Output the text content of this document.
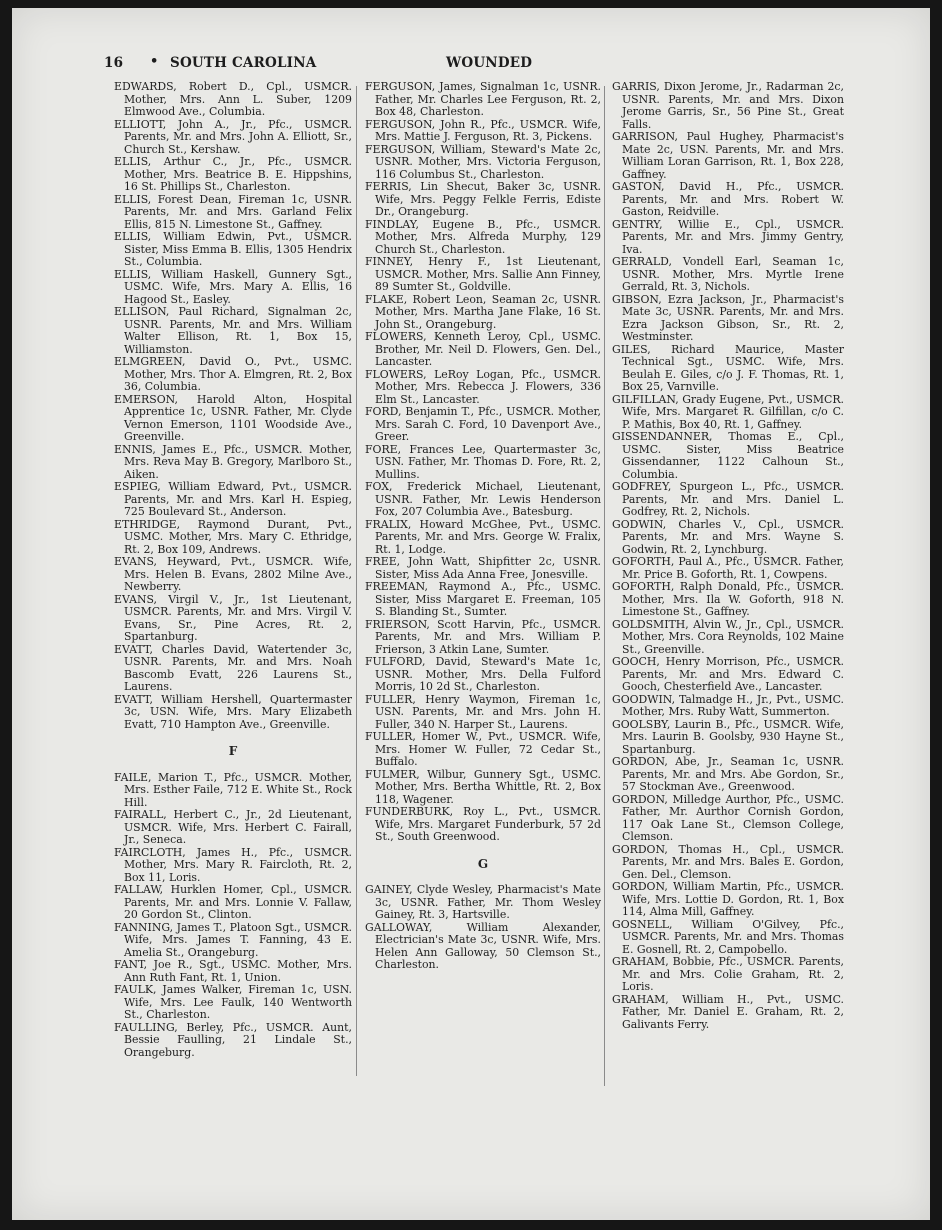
16 • SOUTH CAROLINA	WOUNDED

EDWARDS, Robert D., Cpl., USMCR. Mother, Mrs. Ann L. Suber, 1209 Elmwood Ave., Columbia.

ELLIOTT, John A., Jr., Pfc., USMCR. Parents, Mr. and Mrs. John A. Elliott, Sr., Church St., Kershaw.

ELLIS, Arthur C., Jr., Pfc., USMCR. Mother, Mrs. Beatrice B. E. Hippshins, 16 St. Phillips St., Charleston.

ELLIS, Forest Dean, Fireman 1c, USNR. Parents, Mr. and Mrs. Garland Felix Ellis, 815 N. Limestone St., Gaffney.

ELLIS, William Edwin, Pvt., USMCR. Sister, Miss Emma B. Ellis, 1305 Hendrix St., Columbia.

ELLIS, William Haskell, Gunnery Sgt., USMC. Wife, Mrs. Mary A. Ellis, 16 Hagood St., Easley.

ELLISON, Paul Richard, Signalman 2c, USNR. Parents, Mr. and Mrs. William Walter Ellison, Rt. 1, Box 15, Williamston.

ELMGREEN, David O., Pvt., USMC. Mother, Mrs. Thor A. Elmgren, Rt. 2, Box 36, Columbia.

EMERSON, Harold Alton, Hospital Apprentice 1c, USNR. Father, Mr. Clyde Vernon Emerson, 1101 Woodside Ave., Greenville.

ENNIS, James E., Pfc., USMCR. Mother, Mrs. Reva May B. Gregory, Marlboro St., Aiken.

ESPIEG, William Edward, Pvt., USMCR. Parents, Mr. and Mrs. Karl H. Espieg, 725 Boulevard St., Anderson.

ETHRIDGE, Raymond Durant, Pvt., USMC. Mother, Mrs. Mary C. Ethridge, Rt. 2, Box 109, Andrews.

EVANS, Heyward, Pvt., USMCR. Wife, Mrs. Helen B. Evans, 2802 Milne Ave., Newberry.

EVANS, Virgil V., Jr., 1st Lieutenant, USMCR. Parents, Mr. and Mrs. Virgil V. Evans, Sr., Pine Acres, Rt. 2, Spartanburg.

EVATT, Charles David, Watertender 3c, USNR. Parents, Mr. and Mrs. Noah Bascomb Evatt, 226 Laurens St., Laurens.

EVATT, William Hershell, Quartermaster 3c, USN. Wife, Mrs. Mary Elizabeth Evatt, 710 Hampton Ave., Greenville.

F

FAILE, Marion T., Pfc., USMCR. Mother, Mrs. Esther Faile, 712 E. White St., Rock Hill.

FAIRALL, Herbert C., Jr., 2d Lieutenant, USMCR. Wife, Mrs. Herbert C. Fairall, Jr., Seneca.

FAIRCLOTH, James H., Pfc., USMCR. Mother, Mrs. Mary R. Faircloth, Rt. 2, Box 11, Loris.

FALLAW, Hurklen Homer, Cpl., USMCR. Parents, Mr. and Mrs. Lonnie V. Fallaw, 20 Gordon St., Clinton.

FANNING, James T., Platoon Sgt., USMCR. Wife, Mrs. James T. Fanning, 43 E. Amelia St., Orangeburg.

FANT, Joe R., Sgt., USMC. Mother, Mrs. Ann Ruth Fant, Rt. 1, Union.

FAULK, James Walker, Fireman 1c, USN. Wife, Mrs. Lee Faulk, 140 Wentworth St., Charleston.

FAULLING, Berley, Pfc., USMCR. Aunt, Bessie Faulling, 21 Lindale St., Orangeburg.

FERGUSON, James, Signalman 1c, USNR. Father, Mr. Charles Lee Ferguson, Rt. 2, Box 48, Charleston.

FERGUSON, John R., Pfc., USMCR. Wife, Mrs. Mattie J. Ferguson, Rt. 3, Pickens.

FERGUSON, William, Steward's Mate 2c, USNR. Mother, Mrs. Victoria Ferguson, 116 Columbus St., Charleston.

FERRIS, Lin Shecut, Baker 3c, USNR. Wife, Mrs. Peggy Felkle Ferris, Ediste Dr., Orangeburg.

FINDLAY, Eugene B., Pfc., USMCR. Mother, Mrs. Alfreda Murphy, 129 Church St., Charleston.

FINNEY, Henry F., 1st Lieutenant, USMCR. Mother, Mrs. Sallie Ann Finney, 89 Sumter St., Goldville.

FLAKE, Robert Leon, Seaman 2c, USNR. Mother, Mrs. Martha Jane Flake, 16 St. John St., Orangeburg.

FLOWERS, Kenneth Leroy, Cpl., USMC. Brother, Mr. Neil D. Flowers, Gen. Del., Lancaster.

FLOWERS, LeRoy Logan, Pfc., USMCR. Mother, Mrs. Rebecca J. Flowers, 336 Elm St., Lancaster.

FORD, Benjamin T., Pfc., USMCR. Mother, Mrs. Sarah C. Ford, 10 Davenport Ave., Greer.

FORE, Frances Lee, Quartermaster 3c, USN. Father, Mr. Thomas D. Fore, Rt. 2, Mullins.

FOX, Frederick Michael, Lieutenant, USNR. Father, Mr. Lewis Henderson Fox, 207 Columbia Ave., Batesburg.

FRALIX, Howard McGhee, Pvt., USMC. Parents, Mr. and Mrs. George W. Fralix, Rt. 1, Lodge.

FREE, John Watt, Shipfitter 2c, USNR. Sister, Miss Ada Anna Free, Jonesville.

FREEMAN, Raymond A., Pfc., USMC. Sister, Miss Margaret E. Freeman, 105 S. Blanding St., Sumter.

FRIERSON, Scott Harvin, Pfc., USMCR. Parents, Mr. and Mrs. William P. Frierson, 3 Atkin Lane, Sumter.

FULFORD, David, Steward's Mate 1c, USNR. Mother, Mrs. Della Fulford Morris, 10 2d St., Charleston.

FULLER, Henry Waymon, Fireman 1c, USN. Parents, Mr. and Mrs. John H. Fuller, 340 N. Harper St., Laurens.

FULLER, Homer W., Pvt., USMCR. Wife, Mrs. Homer W. Fuller, 72 Cedar St., Buffalo.

FULMER, Wilbur, Gunnery Sgt., USMC. Mother, Mrs. Bertha Whittle, Rt. 2, Box 118, Wagener.

FUNDERBURK, Roy L., Pvt., USMCR. Wife, Mrs. Margaret Funderburk, 57 2d St., South Greenwood.

G

GAINEY, Clyde Wesley, Pharmacist's Mate 3c, USNR. Father, Mr. Thom Wesley Gainey, Rt. 3, Hartsville.

GALLOWAY, William Alexander, Electrician's Mate 3c, USNR. Wife, Mrs. Helen Ann Galloway, 50 Clemson St., Charleston.

GARRIS, Dixon Jerome, Jr., Radarman 2c, USNR. Parents, Mr. and Mrs. Dixon Jerome Garris, Sr., 56 Pine St., Great Falls.

GARRISON, Paul Hughey, Pharmacist's Mate 2c, USN. Parents, Mr. and Mrs. William Loran Garrison, Rt. 1, Box 228, Gaffney.

GASTON, David H., Pfc., USMCR. Parents, Mr. and Mrs. Robert W. Gaston, Reidville.

GENTRY, Willie E., Cpl., USMCR. Parents, Mr. and Mrs. Jimmy Gentry, Iva.

GERRALD, Vondell Earl, Seaman 1c, USNR. Mother, Mrs. Myrtle Irene Gerrald, Rt. 3, Nichols.

GIBSON, Ezra Jackson, Jr., Pharmacist's Mate 3c, USNR. Parents, Mr. and Mrs. Ezra Jackson Gibson, Sr., Rt. 2, Westminster.

GILES, Richard Maurice, Master Technical Sgt., USMC. Wife, Mrs. Beulah E. Giles, c/o J. F. Thomas, Rt. 1, Box 25, Varnville.

GILFILLAN, Grady Eugene, Pvt., USMCR. Wife, Mrs. Margaret R. Gilfillan, c/o C. P. Mathis, Box 40, Rt. 1, Gaffney.

GISSENDANNER, Thomas E., Cpl., USMC. Sister, Miss Beatrice Gissendanner, 1122 Calhoun St., Columbia.

GODFREY, Spurgeon L., Pfc., USMCR. Parents, Mr. and Mrs. Daniel L. Godfrey, Rt. 2, Nichols.

GODWIN, Charles V., Cpl., USMCR. Parents, Mr. and Mrs. Wayne S. Godwin, Rt. 2, Lynchburg.

GOFORTH, Paul A., Pfc., USMCR. Father, Mr. Price B. Goforth, Rt. 1, Cowpens.

GOFORTH, Ralph Donald, Pfc., USMCR. Mother, Mrs. Ila W. Goforth, 918 N. Limestone St., Gaffney.

GOLDSMITH, Alvin W., Jr., Cpl., USMCR. Mother, Mrs. Cora Reynolds, 102 Maine St., Greenville.

GOOCH, Henry Morrison, Pfc., USMCR. Parents, Mr. and Mrs. Edward C. Gooch, Chesterfield Ave., Lancaster.

GOODWIN, Talmadge H., Jr., Pvt., USMC. Mother, Mrs. Ruby Watt, Summerton.

GOOLSBY, Laurin B., Pfc., USMCR. Wife, Mrs. Laurin B. Goolsby, 930 Hayne St., Spartanburg.

GORDON, Abe, Jr., Seaman 1c, USNR. Parents, Mr. and Mrs. Abe Gordon, Sr., 57 Stockman Ave., Greenwood.

GORDON, Milledge Aurthor, Pfc., USMC. Father, Mr. Aurthor Cornish Gordon, 117 Oak Lane St., Clemson College, Clemson.

GORDON, Thomas H., Cpl., USMCR. Parents, Mr. and Mrs. Bales E. Gordon, Gen. Del., Clemson.

GORDON, William Martin, Pfc., USMCR. Wife, Mrs. Lottie D. Gordon, Rt. 1, Box 114, Alma Mill, Gaffney.

GOSNELL, William O'Gilvey, Pfc., USMCR. Parents, Mr. and Mrs. Thomas E. Gosnell, Rt. 2, Campobello.

GRAHAM, Bobbie, Pfc., USMCR. Parents, Mr. and Mrs. Colie Graham, Rt. 2, Loris.

GRAHAM, William H., Pvt., USMC. Father, Mr. Daniel E. Graham, Rt. 2, Galivants Ferry.
